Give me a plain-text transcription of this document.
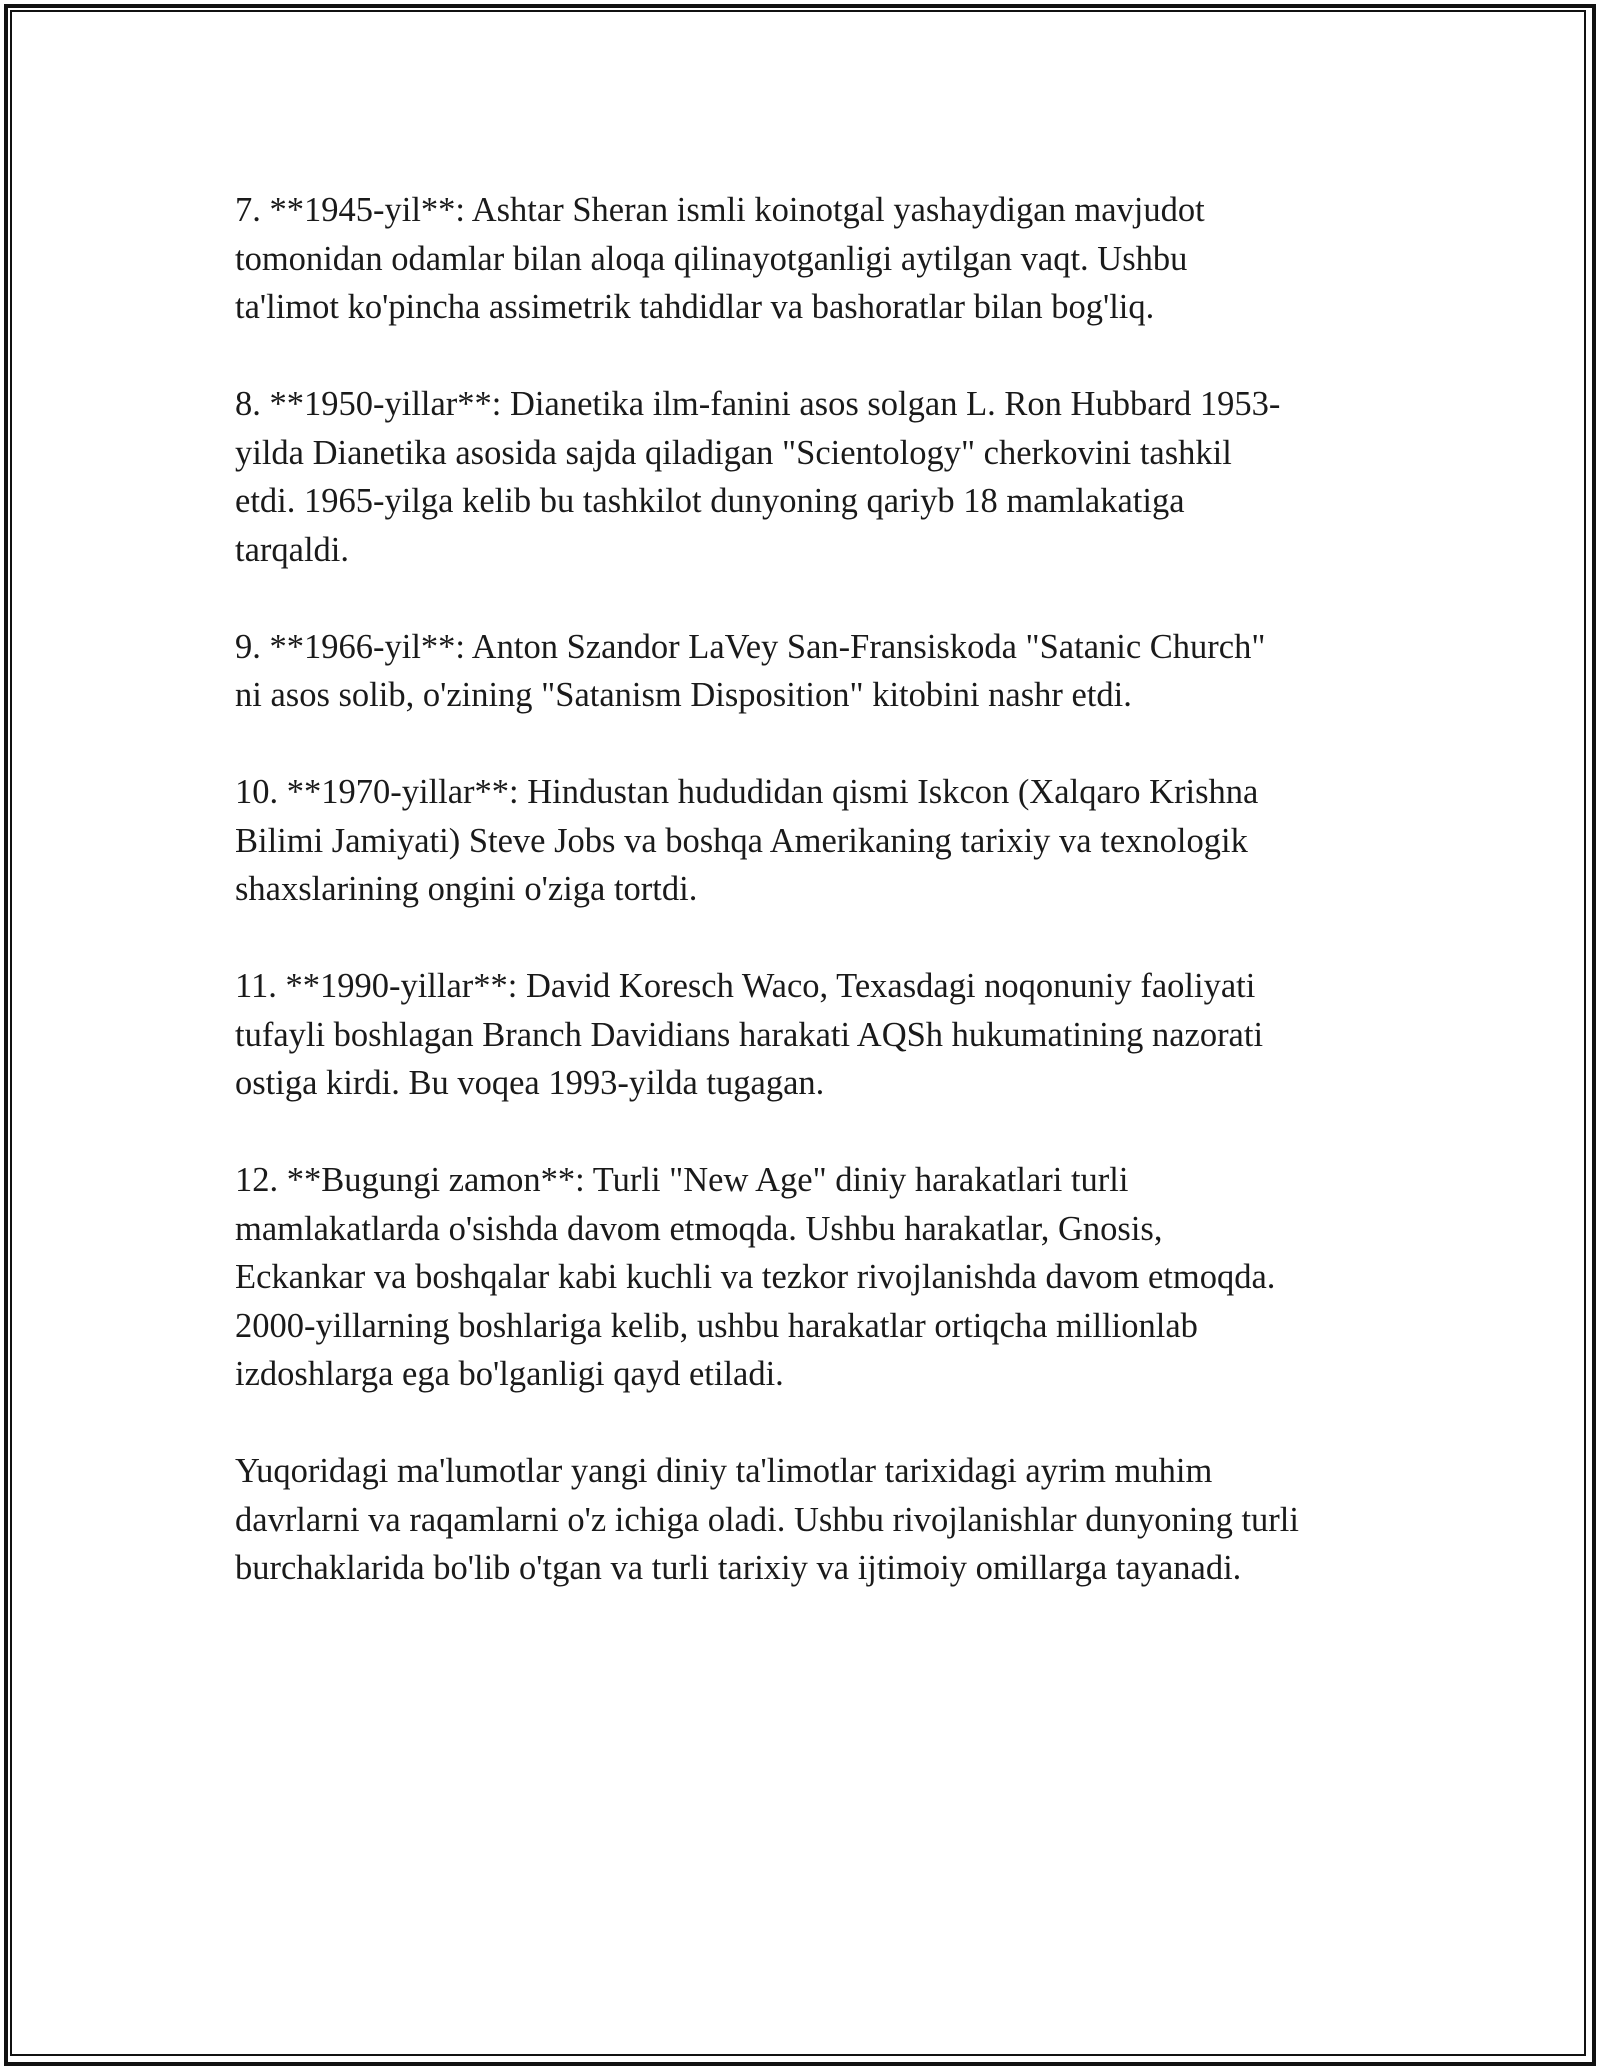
7. **1945-yil**: Ashtar Sheran ismli koinotgal yashaydigan mavjudot
tomonidan odamlar bilan aloqa qilinayotganligi aytilgan vaqt. Ushbu
ta'limot ko'pincha assimetrik tahdidlar va bashoratlar bilan bog'liq.

8. **1950-yillar**: Dianetika ilm-fanini asos solgan L. Ron Hubbard 1953-
yilda Dianetika asosida sajda qiladigan "Scientology" cherkovini tashkil
etdi. 1965-yilga kelib bu tashkilot dunyoning qariyb 18 mamlakatiga
tarqaldi.

9. **1966-yil**: Anton Szandor LaVey San-Fransiskoda "Satanic Church"
ni asos solib, o'zining "Satanism Disposition" kitobini nashr etdi.

10. **1970-yillar**: Hindustan hududidan qismi Iskcon (Xalqaro Krishna
Bilimi Jamiyati) Steve Jobs va boshqa Amerikaning tarixiy va texnologik
shaxslarining ongini o'ziga tortdi.

11. **1990-yillar**: David Koresch Waco, Texasdagi noqonuniy faoliyati
tufayli boshlagan Branch Davidians harakati AQSh hukumatining nazorati
ostiga kirdi. Bu voqea 1993-yilda tugagan.

12. **Bugungi zamon**: Turli "New Age" diniy harakatlari turli
mamlakatlarda o'sishda davom etmoqda. Ushbu harakatlar, Gnosis,
Eckankar va boshqalar kabi kuchli va tezkor rivojlanishda davom etmoqda.
2000-yillarning boshlariga kelib, ushbu harakatlar ortiqcha millionlab
izdoshlarga ega bo'lganligi qayd etiladi.

Yuqoridagi ma'lumotlar yangi diniy ta'limotlar tarixidagi ayrim muhim
davrlarni va raqamlarni o'z ichiga oladi. Ushbu rivojlanishlar dunyoning turli
burchaklarida bo'lib o'tgan va turli tarixiy va ijtimoiy omillarga tayanadi.
